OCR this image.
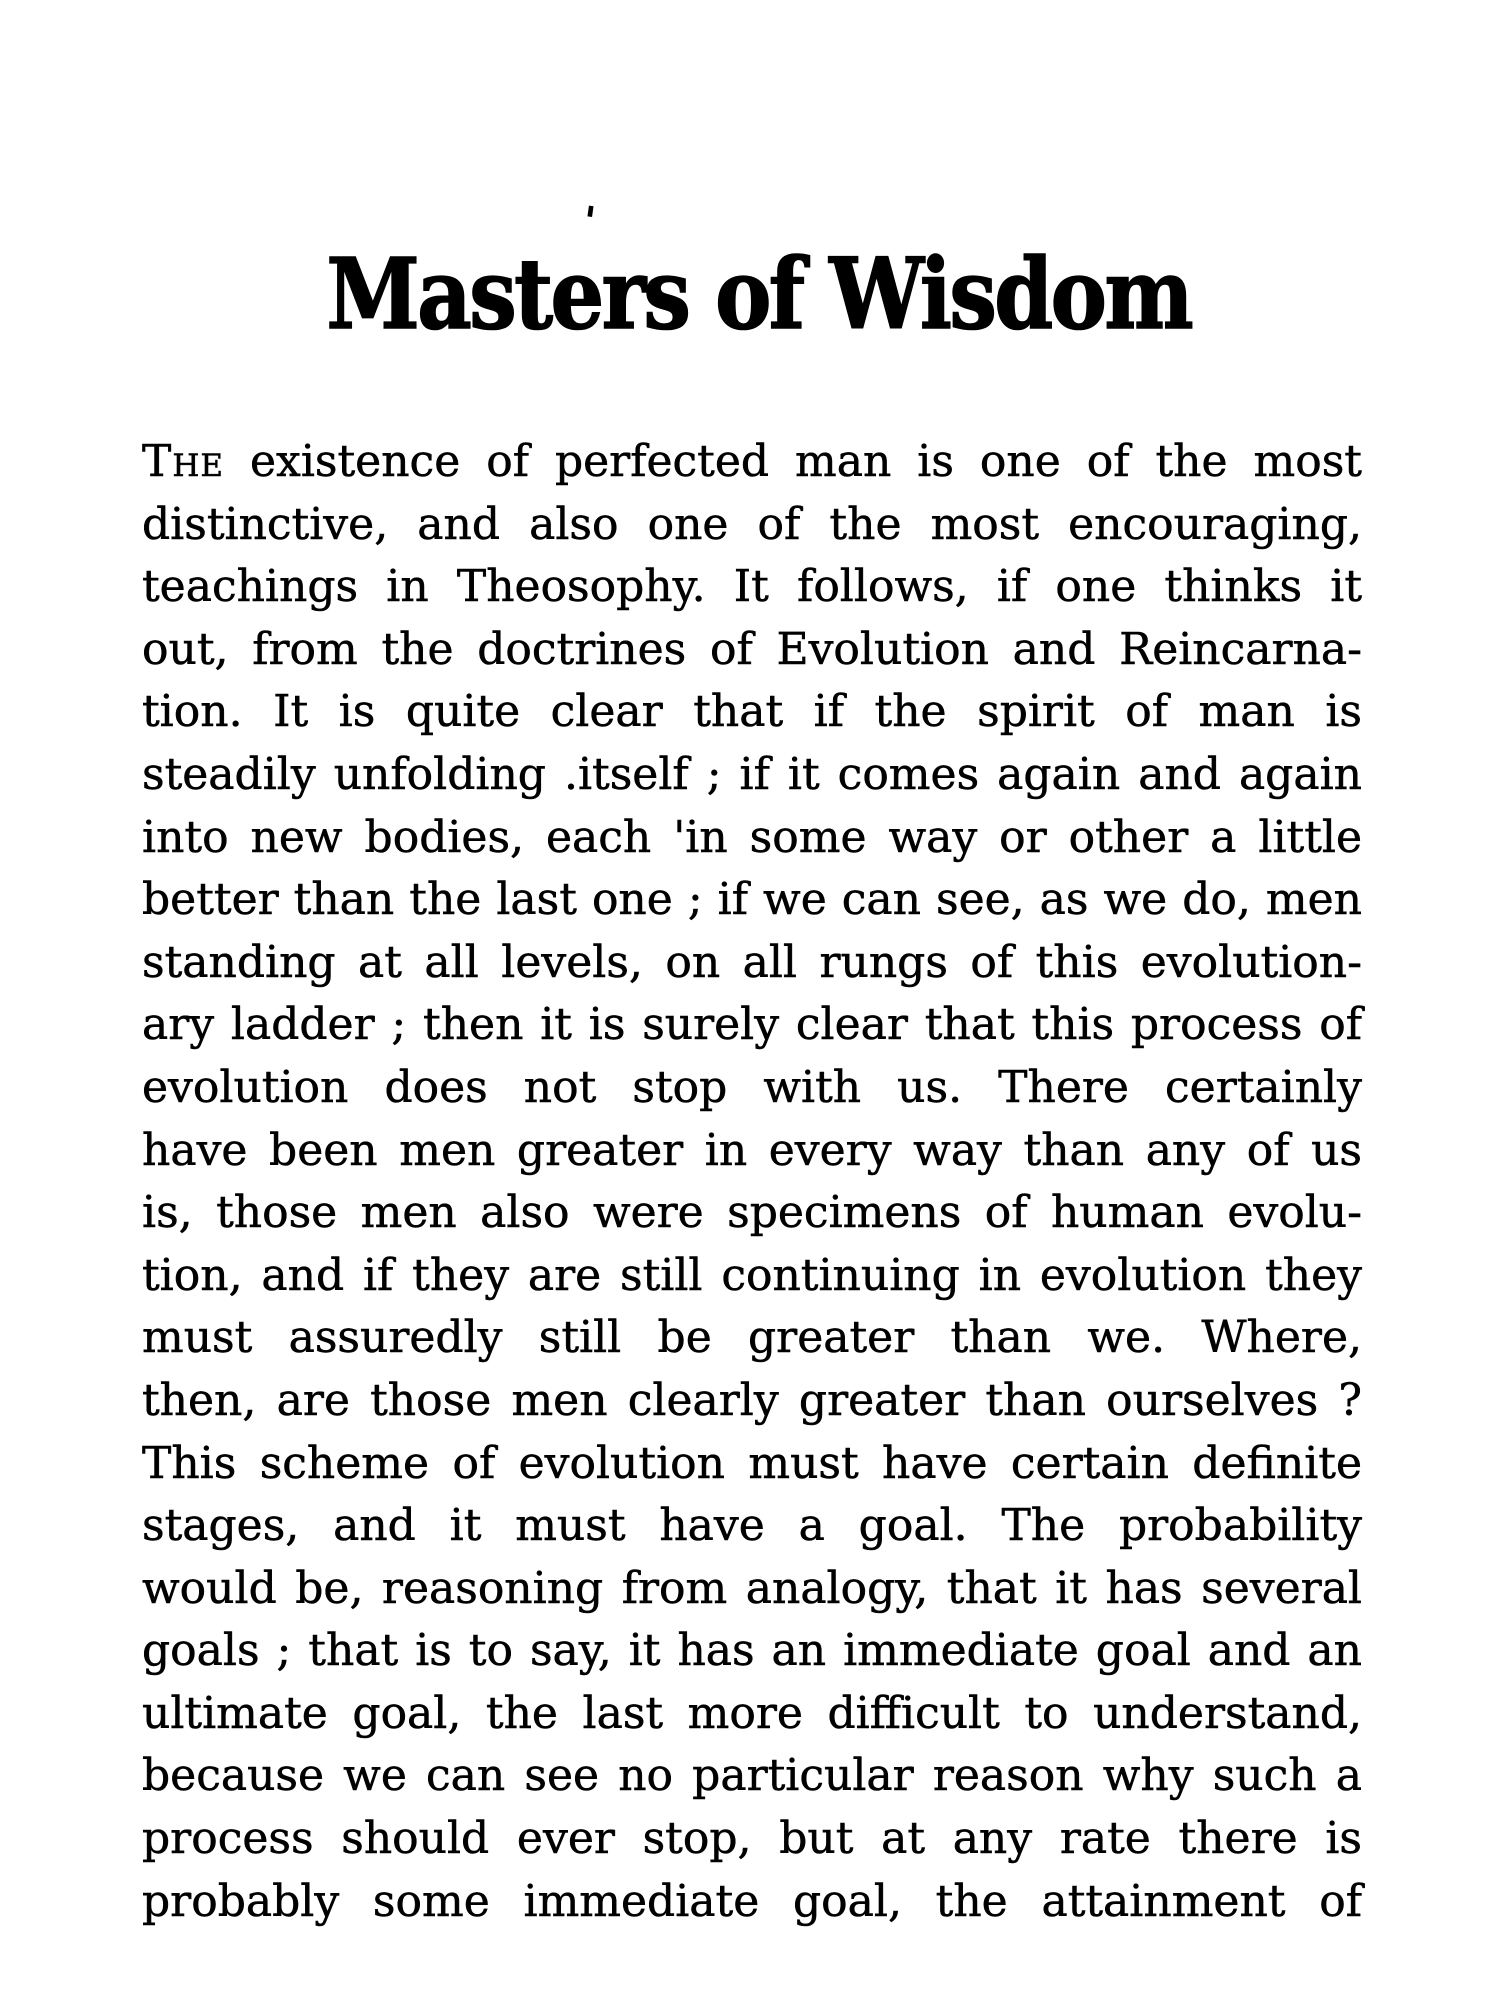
'
Masters of Wisdom
The existence of perfected man is one of the most
distinctive, and also one of the most encouraging,
teachings in Theosophy. It follows, if one thinks it
out, from the doctrines of Evolution and Reincarna-
tion. It is quite clear that if the spirit of man is
steadily unfolding .itself ; if it comes again and again
into new bodies, each 'in some way or other a little
better than the last one ; if we can see, as we do, men
standing at all levels, on all rungs of this evolution-
ary ladder ; then it is surely clear that this process of
evolution does not stop with us. There certainly
have been men greater in every way than any of us
is, those men also were specimens of human evolu-
tion, and if they are still continuing in evolution they
must assuredly still be greater than we. Where,
then, are those men clearly greater than ourselves ?
This scheme of evolution must have certain definite
stages, and it must have a goal. The probability
would be, reasoning from analogy, that it has several
goals ; that is to say, it has an immediate goal and an
ultimate goal, the last more difficult to understand,
because we can see no particular reason why such a
process should ever stop, but at any rate there is
probably some immediate goal, the attainment of
